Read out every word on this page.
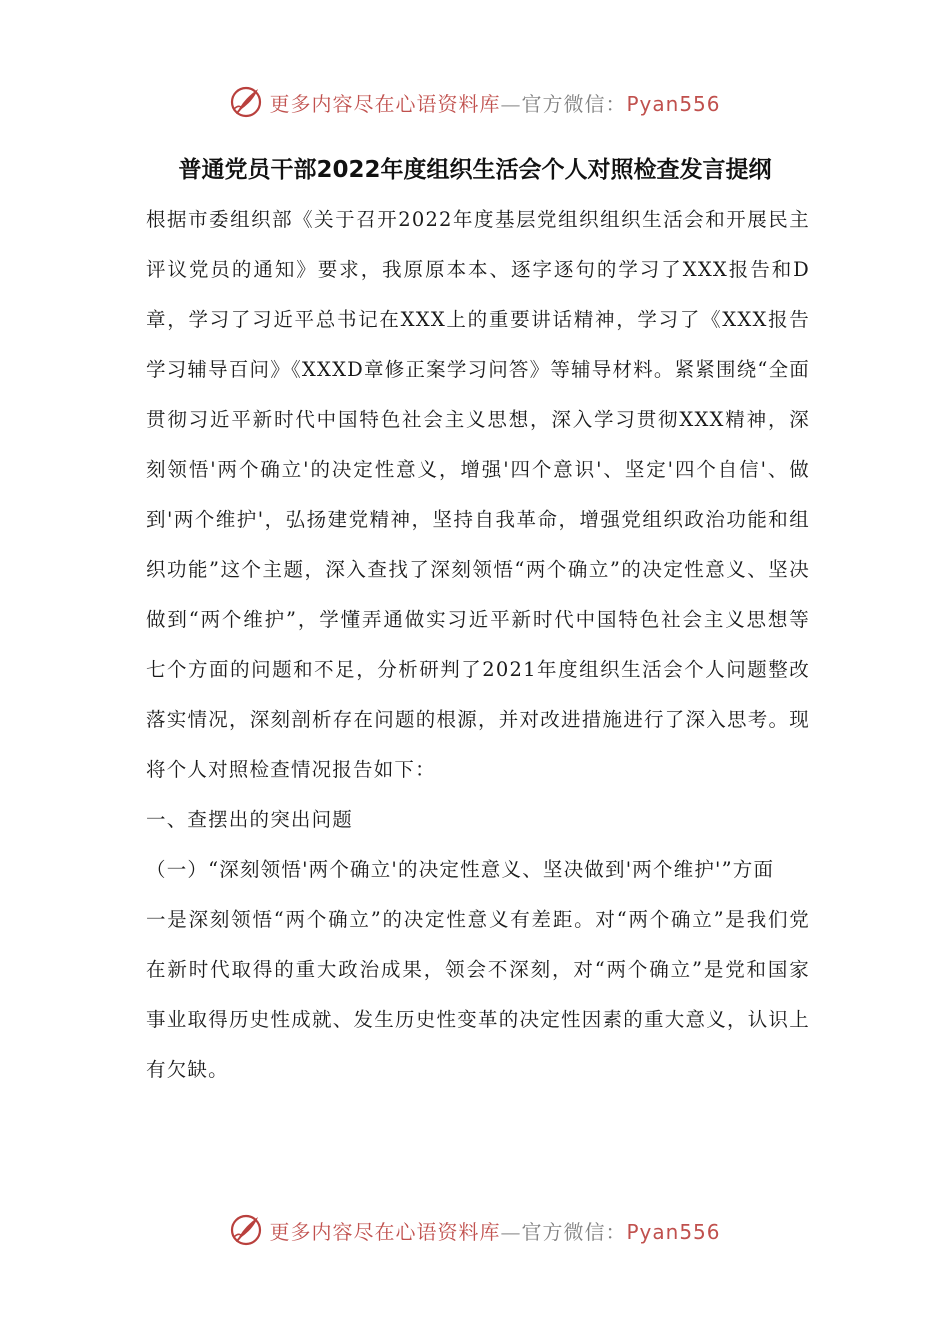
更多内容尽在心语资料库—官方微信：Pyan556
普通党员干部2022年度组织生活会个人对照检查发言提纲

根据市委组织部《关于召开2022年度基层党组织组织生活会和开展民主评议党员的通知》要求，我原原本本、逐字逐句的学习了XXX报告和D章，学习了习近平总书记在XXX上的重要讲话精神，学习了《XXX报告学习辅导百问》《XXXD章修正案学习问答》等辅导材料。紧紧围绕“全面贯彻习近平新时代中国特色社会主义思想，深入学习贯彻XXX精神，深刻领悟'两个确立'的决定性意义，增强'四个意识'、坚定'四个自信'、做到'两个维护'，弘扬建党精神，坚持自我革命，增强党组织政治功能和组织功能”这个主题，深入查找了深刻领悟“两个确立”的决定性意义、坚决做到“两个维护”，学懂弄通做实习近平新时代中国特色社会主义思想等七个方面的问题和不足，分析研判了2021年度组织生活会个人问题整改落实情况，深刻剖析存在问题的根源，并对改进措施进行了深入思考。现将个人对照检查情况报告如下：

一、查摆出的突出问题

（一）“深刻领悟'两个确立'的决定性意义、坚决做到'两个维护'”方面

一是深刻领悟“两个确立”的决定性意义有差距。对“两个确立”是我们党在新时代取得的重大政治成果，领会不深刻，对“两个确立”是党和国家事业取得历史性成就、发生历史性变革的决定性因素的重大意义，认识上有欠缺。

更多内容尽在心语资料库—官方微信：Pyan556
